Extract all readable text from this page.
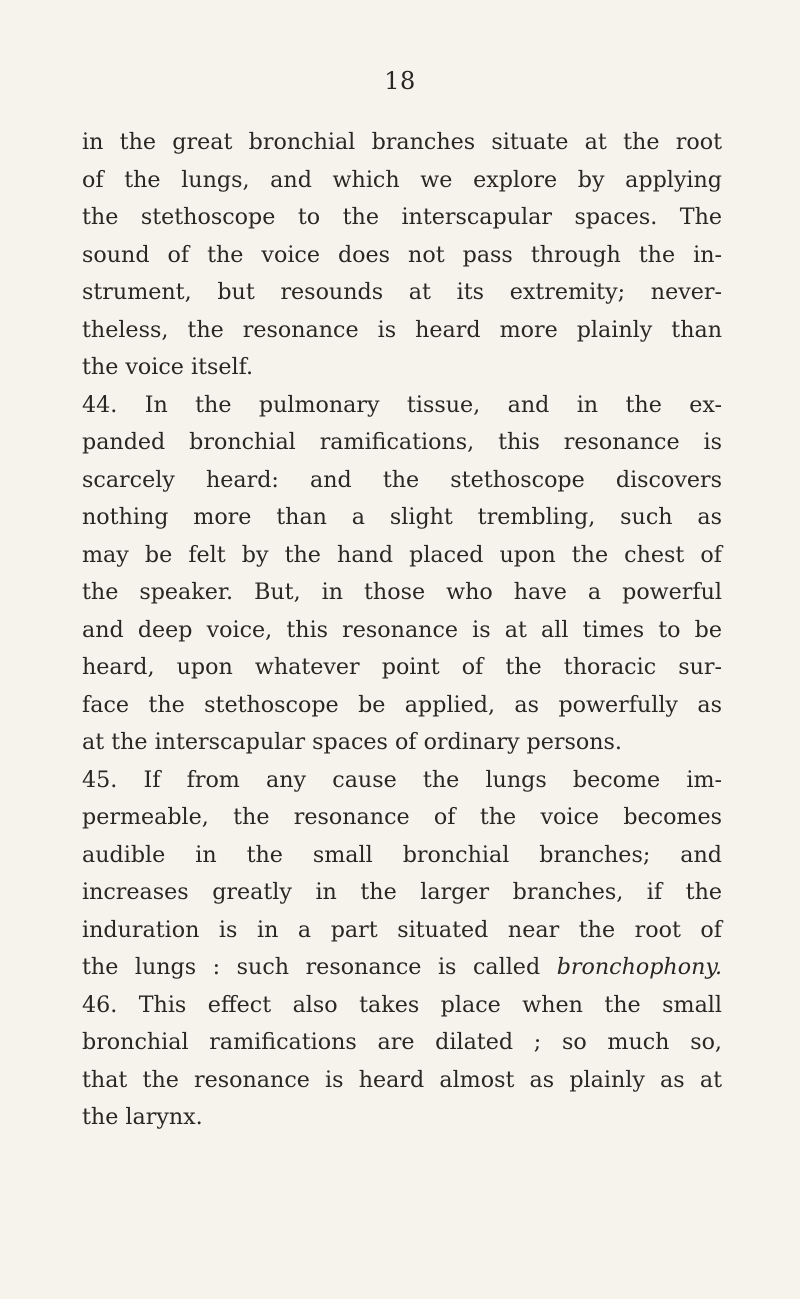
18
in the great bronchial branches situate at the root
of the lungs, and which we explore by applying
the stethoscope to the interscapular spaces. The
sound of the voice does not pass through the in-
strument, but resounds at its extremity; never-
theless, the resonance is heard more plainly than
the voice itself.
44. In the pulmonary tissue, and in the ex-
panded bronchial ramifications, this resonance is
scarcely heard: and the stethoscope discovers
nothing more than a slight trembling, such as
may be felt by the hand placed upon the chest of
the speaker. But, in those who have a powerful
and deep voice, this resonance is at all times to be
heard, upon whatever point of the thoracic sur-
face the stethoscope be applied, as powerfully as
at the interscapular spaces of ordinary persons.
45. If from any cause the lungs become im-
permeable, the resonance of the voice becomes
audible in the small bronchial branches; and
increases greatly in the larger branches, if the
induration is in a part situated near the root of
the lungs : such resonance is called bronchophony.
46. This effect also takes place when the small
bronchial ramifications are dilated ; so much so,
that the resonance is heard almost as plainly as at
the larynx.
